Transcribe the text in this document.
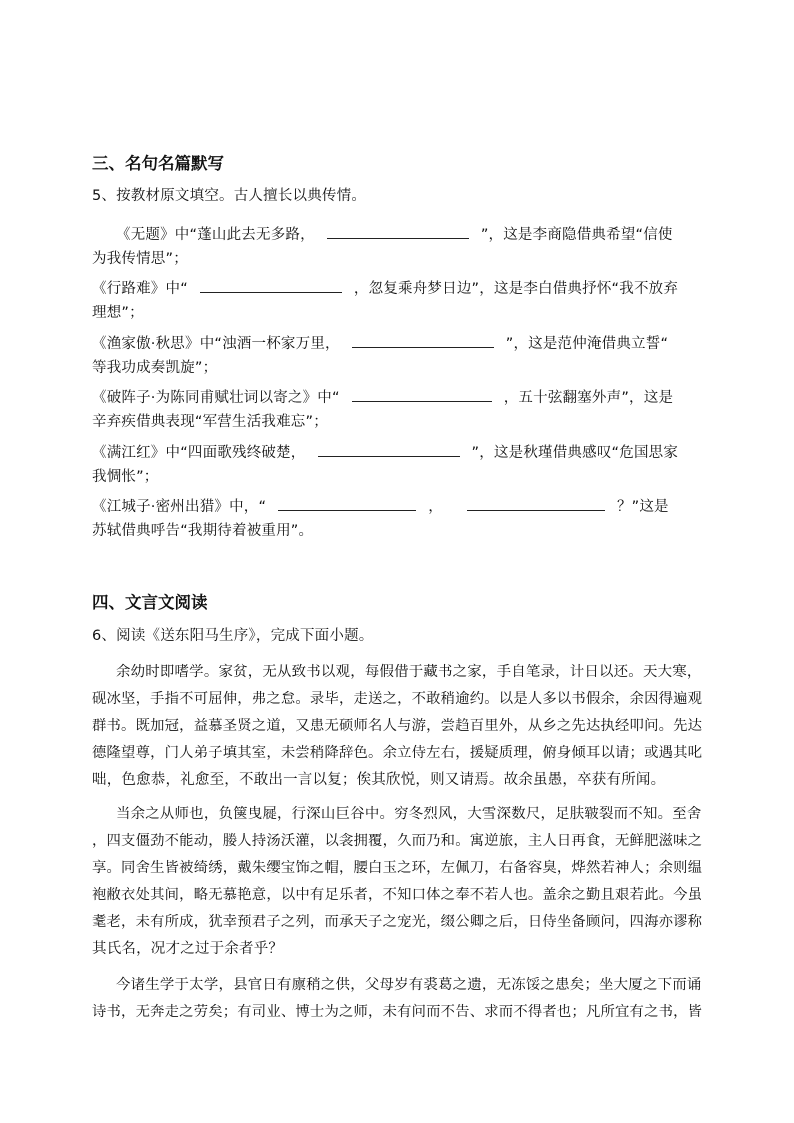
三、名句名篇默写
5、按教材原文填空。古人擅长以典传情。
《无题》中“蓬山此去无多路，	”，这是李商隐借典希望“信使
为我传情思”；
《行路难》中“	，忽复乘舟梦日边”，这是李白借典抒怀“我不放弃
理想”；
《渔家傲·秋思》中“浊酒一杯家万里，	”，这是范仲淹借典立誓“
等我功成奏凯旋”；
《破阵子·为陈同甫赋壮词以寄之》中“	，五十弦翻塞外声”，这是
辛弃疾借典表现“军营生活我难忘”；
《满江红》中“四面歌残终破楚，	”，这是秋瑾借典感叹“危国思家
我惆怅”；
《江城子·密州出猎》中，“	，	？”这是
苏轼借典呼告“我期待着被重用”。
四、文言文阅读
6、阅读《送东阳马生序》，完成下面小题。
余幼时即嗜学。家贫，无从致书以观，每假借于藏书之家，手自笔录，计日以还。天大寒，
砚冰坚，手指不可屈伸，弗之怠。录毕，走送之，不敢稍逾约。以是人多以书假余，余因得遍观
群书。既加冠，益慕圣贤之道，又患无硕师名人与游，尝趋百里外，从乡之先达执经叩问。先达
德隆望尊，门人弟子填其室，未尝稍降辞色。余立侍左右，援疑质理，俯身倾耳以请；或遇其叱
咄，色愈恭，礼愈至，不敢出一言以复；俟其欣悦，则又请焉。故余虽愚，卒获有所闻。
当余之从师也，负箧曳屣，行深山巨谷中。穷冬烈风，大雪深数尺，足肤皲裂而不知。至舍
，四支僵劲不能动，媵人持汤沃灌，以衾拥覆，久而乃和。寓逆旅，主人日再食，无鲜肥滋味之
享。同舍生皆被绮绣，戴朱缨宝饰之帽，腰白玉之环，左佩刀，右备容臭，烨然若神人；余则缊
袍敝衣处其间，略无慕艳意，以中有足乐者，不知口体之奉不若人也。盖余之勤且艰若此。今虽
耄老，未有所成，犹幸预君子之列，而承天子之宠光，缀公卿之后，日侍坐备顾问，四海亦谬称
其氏名，况才之过于余者乎？
今诸生学于太学，县官日有廪稍之供，父母岁有裘葛之遗，无冻馁之患矣；坐大厦之下而诵
诗书，无奔走之劳矣；有司业、博士为之师，未有问而不告、求而不得者也；凡所宜有之书，皆
